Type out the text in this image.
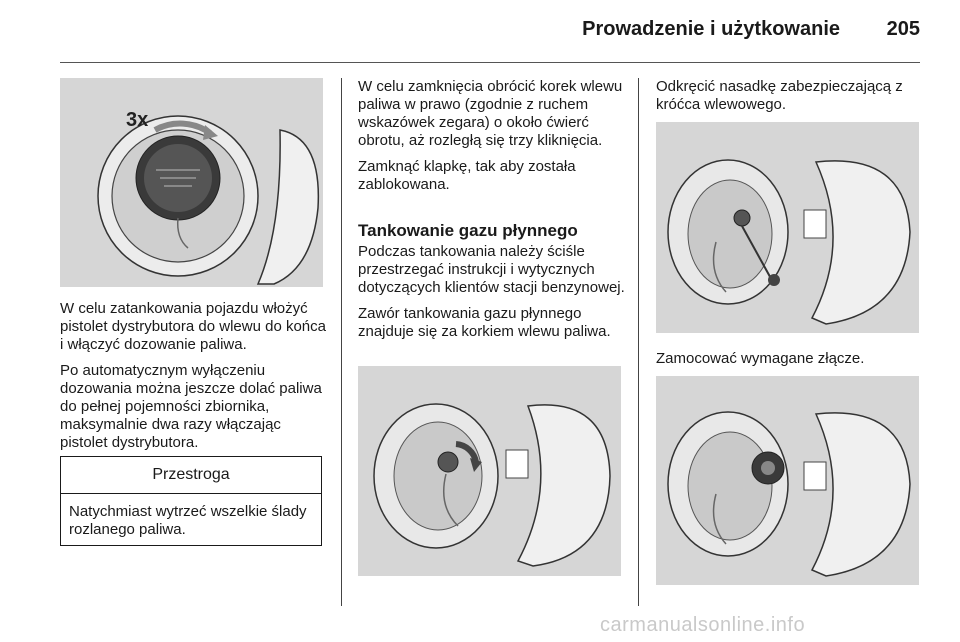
Prowadzenie i użytkowanie	205
3x

W celu zatankowania pojazdu włożyć pistolet dystrybutora do wlewu do końca i włączyć dozowanie paliwa.

Po automatycznym wyłączeniu dozowania można jeszcze dolać paliwa do pełnej pojemności zbiornika, maksymalnie dwa razy włączając pistolet dystrybutora.

Przestroga
Natychmiast wytrzeć wszelkie ślady rozlanego paliwa.

W celu zamknięcia obrócić korek wlewu paliwa w prawo (zgodnie z ruchem wskazówek zegara) o około ćwierć obrotu, aż rozległą się trzy kliknięcia.

Zamknąć klapkę, tak aby została zablokowana.

Tankowanie gazu płynnego

Podczas tankowania należy ściśle przestrzegać instrukcji i wytycznych dotyczących klientów stacji benzynowej.

Zawór tankowania gazu płynnego znajduje się za korkiem wlewu paliwa.

Odkręcić nasadkę zabezpieczającą z króćca wlewowego.

Zamocować wymagane złącze.

carmanualsonline.info
